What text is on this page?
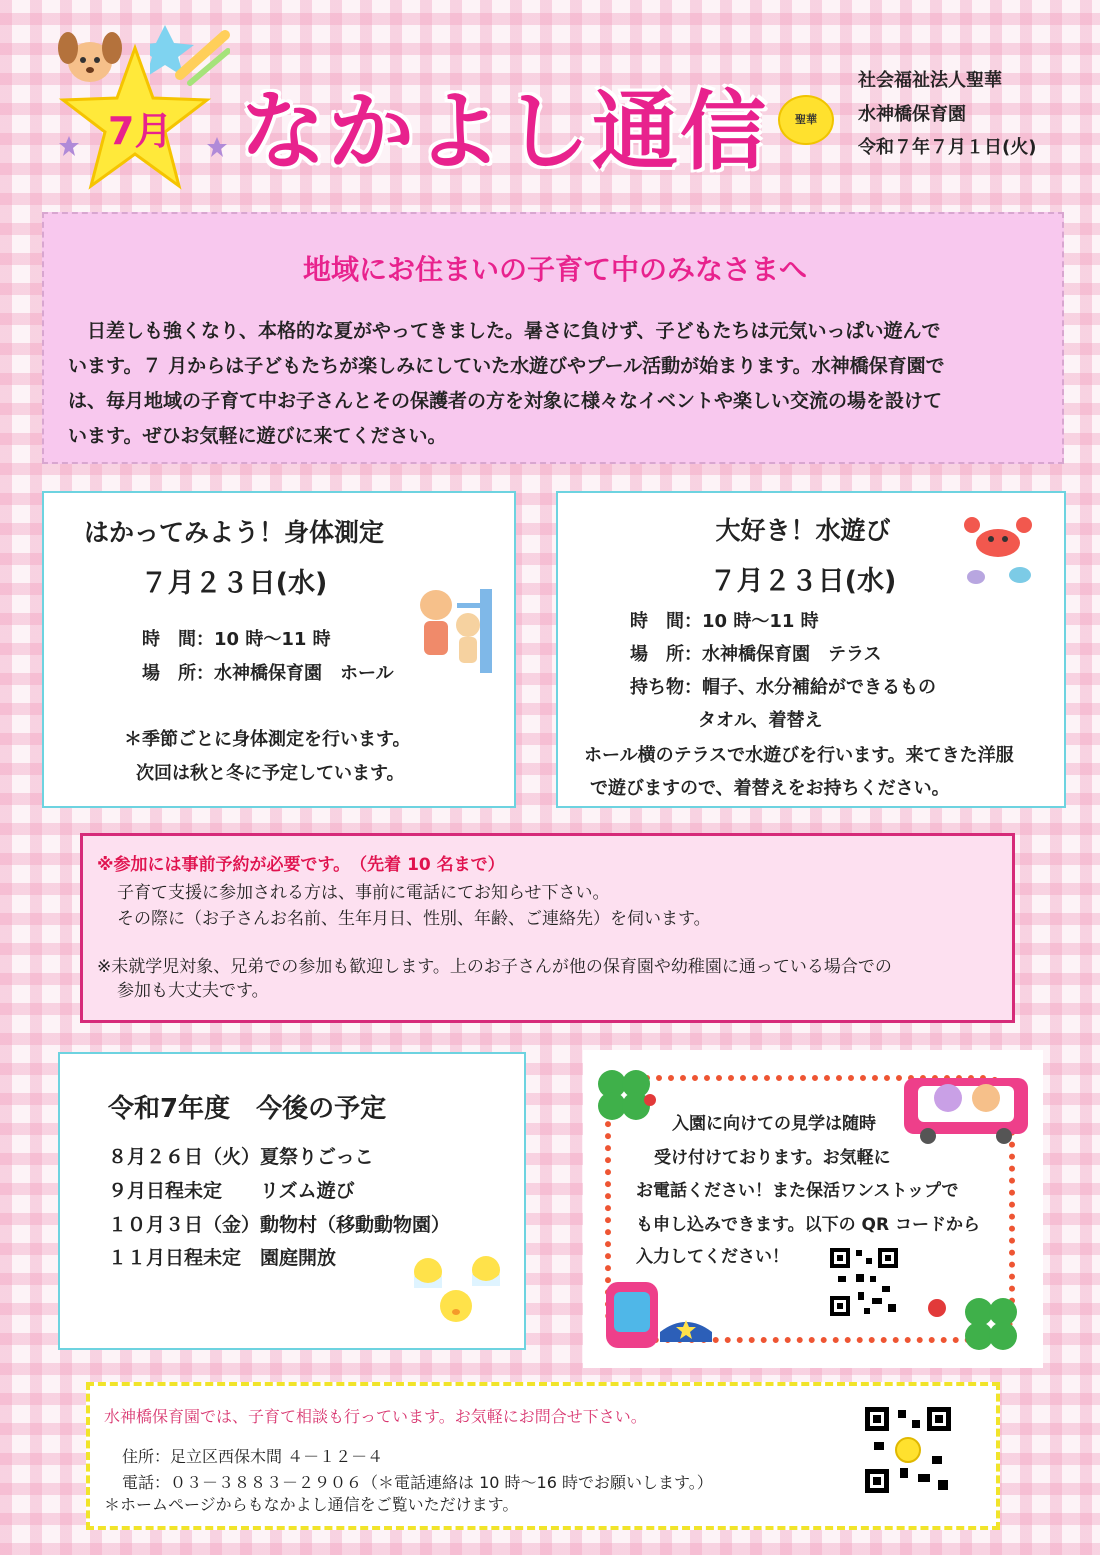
7月 なかよし通信	聖華
社会福祉法人聖華
水神橋保育園
令和７年７月１日(火)
地域にお住まいの子育て中のみなさまへ
　日差しも強くなり、本格的な夏がやってきました。暑さに負けず、子どもたちは元気いっぱい遊んで
います。７ 月からは子どもたちが楽しみにしていた水遊びやプール活動が始まります。水神橋保育園で
は、毎月地域の子育て中お子さんとその保護者の方を対象に様々なイベントや楽しい交流の場を設けて
います。ぜひお気軽に遊びに来てください。
はかってみよう！身体測定
７月２３日(水)
時　間：10 時～11 時
場　所：水神橋保育園　ホール
＊季節ごとに身体測定を行います。
次回は秋と冬に予定しています。
大好き！水遊び
７月２３日(水)
時　間：10 時～11 時
場　所：水神橋保育園　テラス
持ち物：帽子、水分補給ができるもの
タオル、着替え
ホール横のテラスで水遊びを行います。来てきた洋服
で遊びますので、着替えをお持ちください。
※参加には事前予約が必要です。　（先着 10 名まで）
子育て支援に参加される方は、事前に電話にてお知らせ下さい。
その際に（お子さんお名前、生年月日、性別、年齢、ご連絡先）を伺います。
※未就学児対象、兄弟での参加も歓迎します。上のお子さんが他の保育園や幼稚園に通っている場合での
参加も大丈夫です。
令和7年度　今後の予定
８月２６日（火）夏祭りごっこ
９月日程未定　　リズム遊び
１０月３日（金）動物村（移動動物園）
１１月日程未定　園庭開放
入園に向けての見学は随時
受け付けております。お気軽に
お電話ください！また保活ワンストップで
も申し込みできます。以下の QR コードから
入力してください！
水神橋保育園では、子育て相談も行っています。お気軽にお問合せ下さい。
住所：足立区西保木間 ４－１２－４
電話：０３－３８８３－２９０６（＊電話連絡は 10 時～16 時でお願いします。）
＊ホームページからもなかよし通信をご覧いただけます。
